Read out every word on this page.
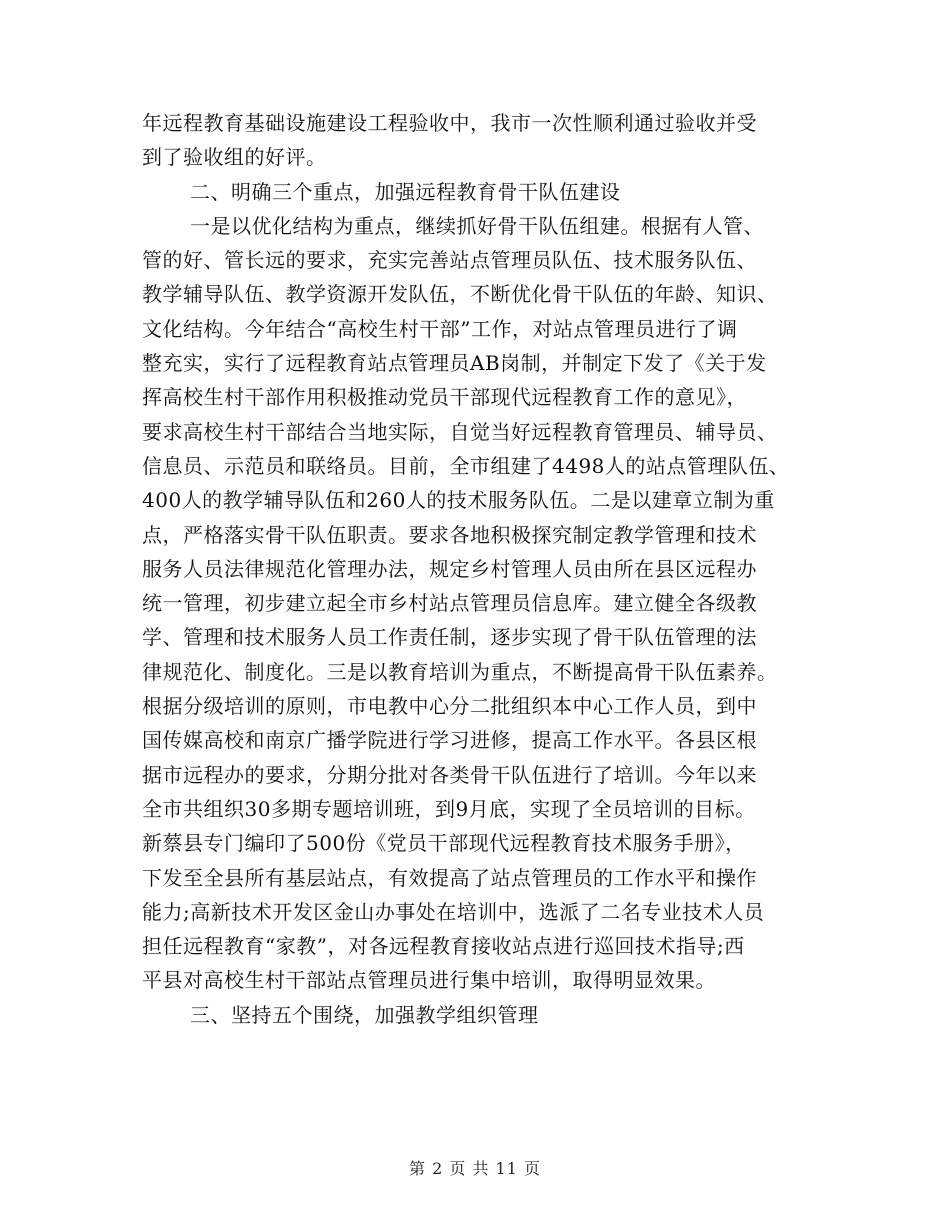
年远程教育基础设施建设工程验收中，我市一次性顺利通过验收并受
到了验收组的好评。
二、明确三个重点，加强远程教育骨干队伍建设
一是以优化结构为重点，继续抓好骨干队伍组建。根据有人管、
管的好、管长远的要求，充实完善站点管理员队伍、技术服务队伍、
教学辅导队伍、教学资源开发队伍，不断优化骨干队伍的年龄、知识、
文化结构。今年结合“高校生村干部”工作，对站点管理员进行了调
整充实，实行了远程教育站点管理员AB岗制，并制定下发了《关于发
挥高校生村干部作用积极推动党员干部现代远程教育工作的意见》，
要求高校生村干部结合当地实际，自觉当好远程教育管理员、辅导员、
信息员、示范员和联络员。目前，全市组建了4498人的站点管理队伍、
400人的教学辅导队伍和260人的技术服务队伍。二是以建章立制为重
点，严格落实骨干队伍职责。要求各地积极探究制定教学管理和技术
服务人员法律规范化管理办法，规定乡村管理人员由所在县区远程办
统一管理，初步建立起全市乡村站点管理员信息库。建立健全各级教
学、管理和技术服务人员工作责任制，逐步实现了骨干队伍管理的法
律规范化、制度化。三是以教育培训为重点，不断提高骨干队伍素养。
根据分级培训的原则，市电教中心分二批组织本中心工作人员，到中
国传媒高校和南京广播学院进行学习进修，提高工作水平。各县区根
据市远程办的要求，分期分批对各类骨干队伍进行了培训。今年以来
全市共组织30多期专题培训班，到9月底，实现了全员培训的目标。
新蔡县专门编印了500份《党员干部现代远程教育技术服务手册》，
下发至全县所有基层站点，有效提高了站点管理员的工作水平和操作
能力;高新技术开发区金山办事处在培训中，选派了二名专业技术人员
担任远程教育“家教”，对各远程教育接收站点进行巡回技术指导;西
平县对高校生村干部站点管理员进行集中培训，取得明显效果。
三、坚持五个围绕，加强教学组织管理
第 2 页 共 11 页
